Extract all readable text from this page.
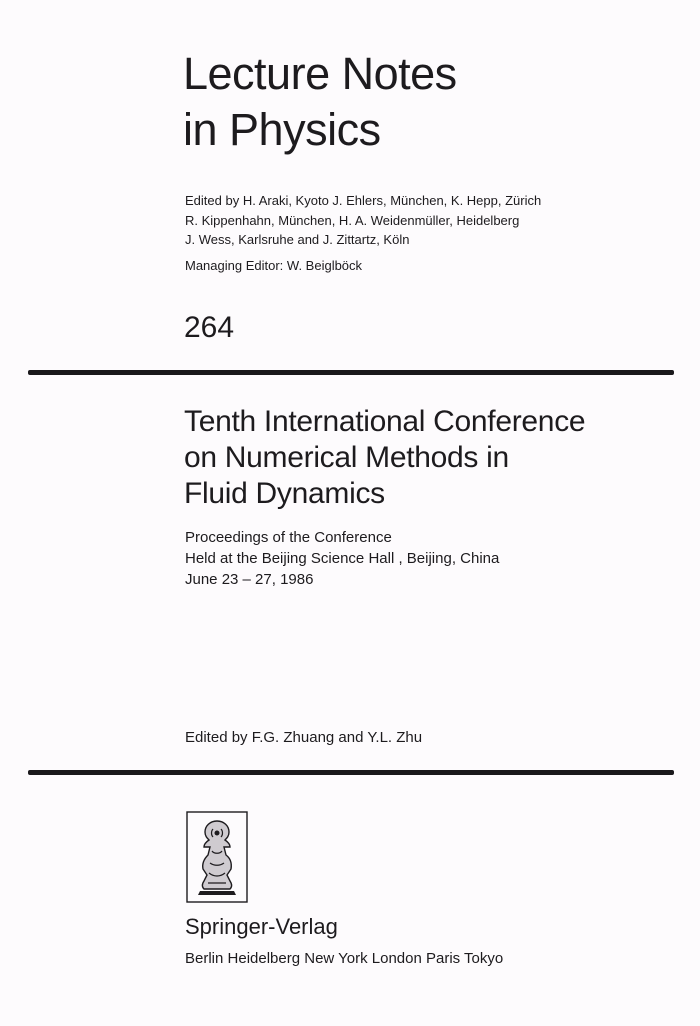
Lecture Notes
in Physics
Edited by H. Araki, Kyoto J. Ehlers, München, K. Hepp, Zürich
R. Kippenhahn, München, H. A. Weidenmüller, Heidelberg
J. Wess, Karlsruhe and J. Zittartz, Köln
Managing Editor: W. Beiglböck
264
Tenth International Conference
on Numerical Methods in
Fluid Dynamics
Proceedings of the Conference
Held at the Beijing Science Hall , Beijing, China
June 23 – 27, 1986
Edited by F.G. Zhuang and Y.L. Zhu
Springer-Verlag
Berlin Heidelberg New York London Paris Tokyo
